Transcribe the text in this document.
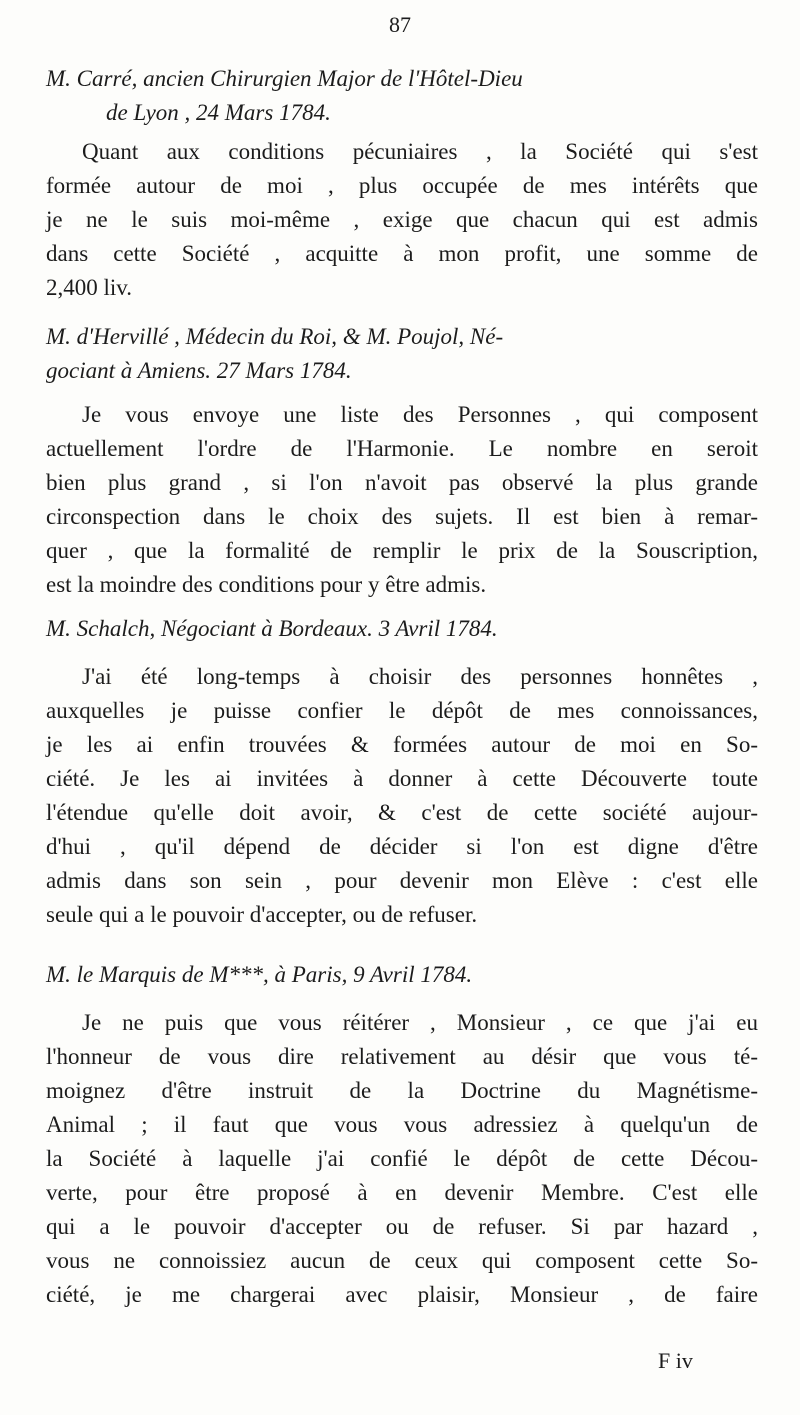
87
M. Carré, ancien Chirurgien Major de l'Hôtel-Dieu
de Lyon , 24 Mars 1784.
Quant aux conditions pécuniaires , la Société qui s'est
formée autour de moi , plus occupée de mes intérêts que
je ne le suis moi-même , exige que chacun qui est admis
dans cette Société , acquitte à mon profit, une somme de
2,400 liv.
M. d'Hervillé , Médecin du Roi, & M. Poujol, Né-
gociant à Amiens. 27 Mars 1784.
Je vous envoye une liste des Personnes , qui composent
actuellement l'ordre de l'Harmonie. Le nombre en seroit
bien plus grand , si l'on n'avoit pas observé la plus grande
circonspection dans le choix des sujets. Il est bien à remar-
quer , que la formalité de remplir le prix de la Souscription,
est la moindre des conditions pour y être admis.
M. Schalch, Négociant à Bordeaux. 3 Avril 1784.
J'ai été long-temps à choisir des personnes honnêtes ,
auxquelles je puisse confier le dépôt de mes connoissances,
je les ai enfin trouvées & formées autour de moi en So-
ciété. Je les ai invitées à donner à cette Découverte toute
l'étendue qu'elle doit avoir, & c'est de cette société aujour-
d'hui , qu'il dépend de décider si l'on est digne d'être
admis dans son sein , pour devenir mon Elève : c'est elle
seule qui a le pouvoir d'accepter, ou de refuser.
M. le Marquis de M***, à Paris, 9 Avril 1784.
Je ne puis que vous réitérer , Monsieur , ce que j'ai eu
l'honneur de vous dire relativement au désir que vous té-
moignez d'être instruit de la Doctrine du Magnétisme-
Animal ; il faut que vous vous adressiez à quelqu'un de
la Société à laquelle j'ai confié le dépôt de cette Décou-
verte, pour être proposé à en devenir Membre. C'est elle
qui a le pouvoir d'accepter ou de refuser. Si par hazard ,
vous ne connoissiez aucun de ceux qui composent cette So-
ciété, je me chargerai avec plaisir, Monsieur , de faire
F iv
